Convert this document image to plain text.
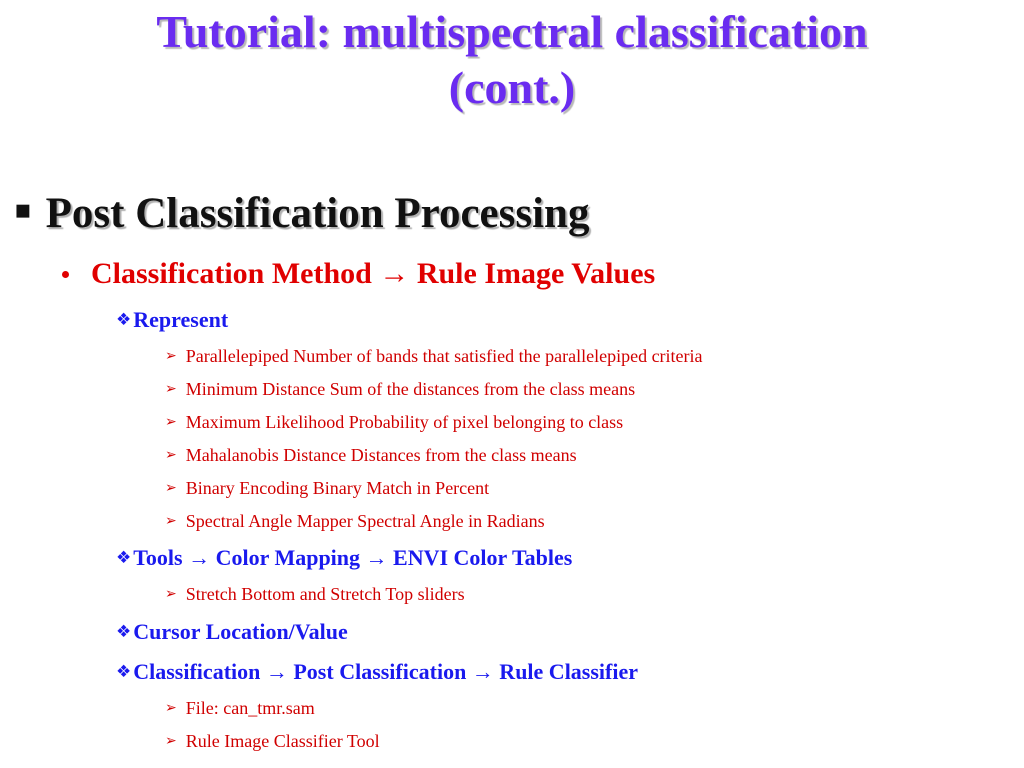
Tutorial: multispectral classification
(cont.)
▪ Post Classification Processing
Classification Method → Rule Image Values
❖ Represent
➢ Parallelepiped Number of bands that satisfied the parallelepiped criteria
➢ Minimum Distance Sum of the distances from the class means
➢ Maximum Likelihood Probability of pixel belonging to class
➢ Mahalanobis Distance Distances from the class means
➢ Binary Encoding Binary Match in Percent
➢ Spectral Angle Mapper Spectral Angle in Radians
❖ Tools → Color Mapping → ENVI Color Tables
➢ Stretch Bottom and Stretch Top sliders
❖ Cursor Location/Value
❖ Classification → Post Classification → Rule Classifier
➢ File: can_tmr.sam
➢ Rule Image Classifier Tool
